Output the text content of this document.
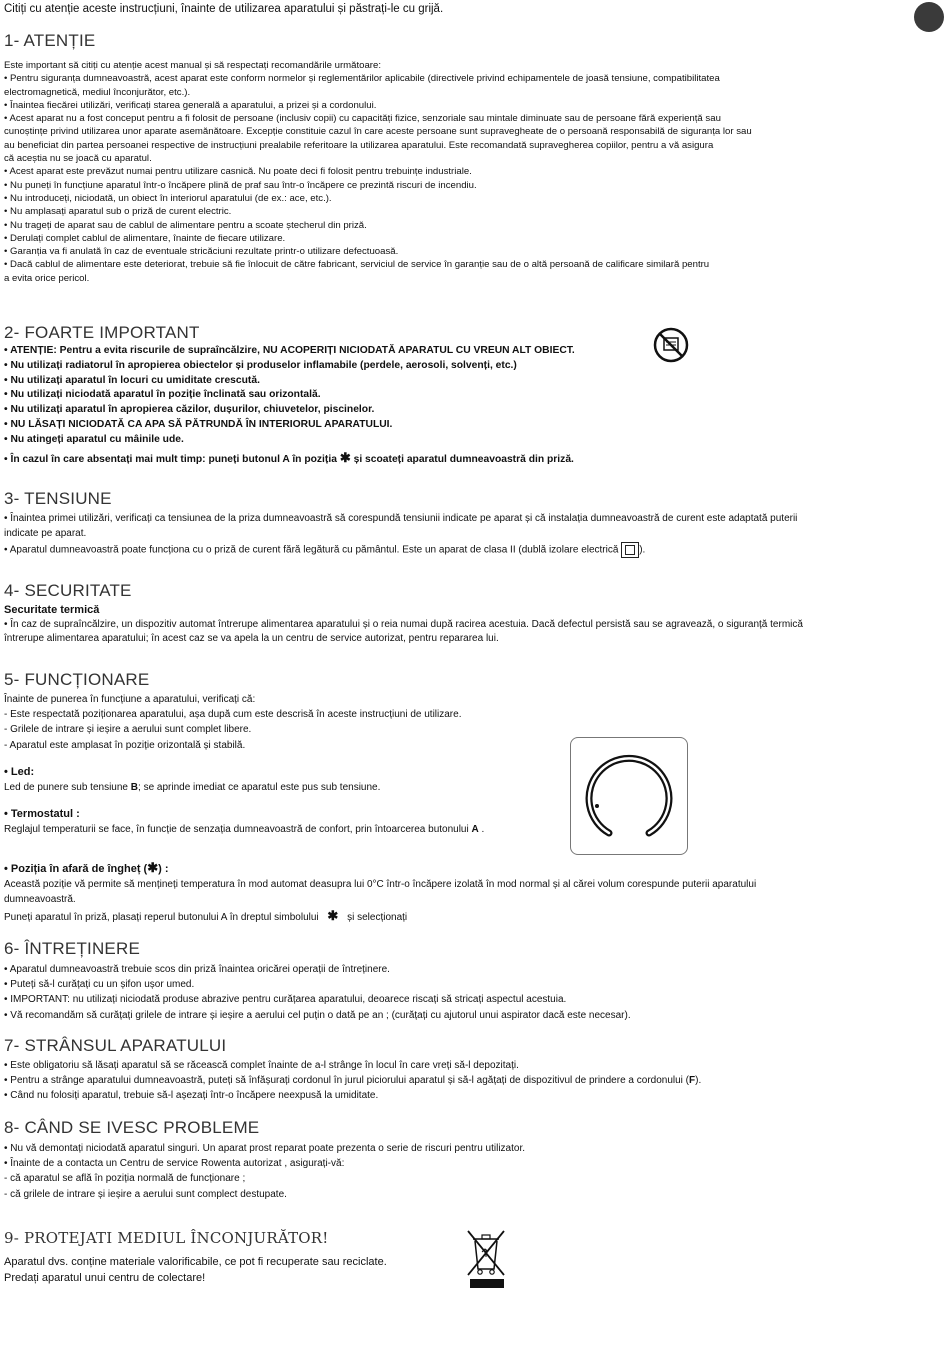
Citiți cu atenție aceste instrucțiuni, înainte de utilizarea aparatului și păstrați-le cu grijă.
1- ATENȚIE

Este important să citiți cu atenție acest manual și să respectați recomandările următoare:

• Pentru siguranța dumneavoastră, acest aparat este conform normelor și reglementărilor aplicabile (directivele privind echipamentele de joasă tensiune, compatibilitatea

electromagnetică, mediul înconjurător, etc.).

• Înaintea fiecărei utilizări, verificați starea generală a aparatului, a prizei și a cordonului.

• Acest aparat nu a fost conceput pentru a fi folosit de persoane (inclusiv copii) cu capacități fizice, senzoriale sau mintale diminuate sau de persoane fără experiență sau

cunoștințe privind utilizarea unor aparate asemănătoare. Excepție constituie cazul în care aceste persoane sunt supravegheate de o persoană responsabilă de siguranța lor sau

au beneficiat din partea persoanei respective de instrucțiuni prealabile referitoare la utilizarea aparatului. Este recomandată supravegherea copiilor, pentru a vă asigura

că aceștia nu se joacă cu aparatul.

• Acest aparat este prevăzut numai pentru utilizare casnică. Nu poate deci fi folosit pentru trebuințe industriale.

• Nu puneți în funcțiune aparatul într-o încăpere plină de praf sau într-o încăpere ce prezintă riscuri de incendiu.

• Nu introduceți, niciodată, un obiect în interiorul aparatului (de ex.: ace, etc.).

• Nu amplasați aparatul sub o priză de curent electric.

• Nu trageți de aparat sau de cablul de alimentare pentru a scoate ștecherul din priză.

• Derulați complet cablul de alimentare, înainte de fiecare utilizare.

• Garanția va fi anulată în caz de eventuale stricăciuni rezultate printr-o utilizare defectuoasă.

• Dacă cablul de alimentare este deteriorat, trebuie să fie înlocuit de către fabricant, serviciul de service în garanție sau de o altă persoană de calificare similară pentru

a evita orice pericol.

2- FOARTE IMPORTANT

• ATENȚIE: Pentru a evita riscurile de supraîncălzire, NU ACOPERIȚI NICIODATĂ APARATUL CU VREUN ALT OBIECT.

• Nu utilizați radiatorul în apropierea obiectelor și produselor inflamabile (perdele, aerosoli, solvenți, etc.)

• Nu utilizați aparatul în locuri cu umiditate crescută.

• Nu utilizați niciodată aparatul în poziție înclinată sau orizontală.

• Nu utilizați aparatul în apropierea căzilor, dușurilor, chiuvetelor, piscinelor.

• NU LĂSAȚI NICIODATĂ CA APA SĂ PĂTRUNDĂ ÎN INTERIORUL APARATULUI.

• Nu atingeți aparatul cu mâinile ude.

• În cazul în care absentați mai mult timp: puneți butonul A în poziția ✱ și scoateți aparatul dumneavoastră din priză.

3- TENSIUNE

• Înaintea primei utilizări, verificați ca tensiunea de la priza dumneavoastră să corespundă tensiunii indicate pe aparat și că instalația dumneavoastră de curent este adaptată puterii

indicate pe aparat.

• Aparatul dumneavoastră poate funcționa cu o priză de curent fără legătură cu pământul. Este un aparat de clasa II (dublă izolare electrică ).

4- SECURITATE

Securitate termică

• În caz de supraîncălzire, un dispozitiv automat întrerupe alimentarea aparatului și o reia numai după racirea acestuia. Dacă defectul persistă sau se agravează, o siguranță termică

întrerupe alimentarea aparatului; în acest caz se va apela la un centru de service autorizat, pentru repararea lui.

5- FUNCȚIONARE

Înainte de punerea în funcțiune a aparatului, verificați că:

- Este respectată poziționarea aparatului, așa după cum este descrisă în aceste instrucțiuni de utilizare.

- Grilele de intrare și ieșire a aerului sunt complet libere.

- Aparatul este amplasat în poziție orizontală și stabilă.

• Led:

Led de punere sub tensiune B; se aprinde imediat ce aparatul este pus sub tensiune.

• Termostatul :

Reglajul temperaturii se face, în funcție de senzația dumneavoastră de confort, prin întoarcerea butonului A .

• Poziția în afară de îngheț (✱) :

Această poziție vă permite să mențineți temperatura în mod automat deasupra lui 0°C într-o încăpere izolată în mod normal și al cărei volum corespunde puterii aparatului

dumneavoastră.

Puneți aparatul în priză, plasați reperul butonului A în dreptul simbolului ✱ și selecționați

6- ÎNTREȚINERE

• Aparatul dumneavoastră trebuie scos din priză înaintea oricărei operații de întreținere.

• Puteți să-l curățați cu un șifon ușor umed.

• IMPORTANT: nu utilizați niciodată produse abrazive pentru curățarea aparatului, deoarece riscați să stricați aspectul acestuia.

• Vă recomandăm să curățați grilele de intrare și ieșire a aerului cel puțin o dată pe an ; (curățați cu ajutorul unui aspirator dacă este necesar).

7- STRÂNSUL APARATULUI

• Este obligatoriu să lăsați aparatul să se răcească complet înainte de a-l strânge în locul în care vreți să-l depozitați.

• Pentru a strânge aparatului dumneavoastră, puteți să înfășurați cordonul în jurul piciorului aparatul și să-l agățați de dispozitivul de prindere a cordonului (F).

• Când nu folosiți aparatul, trebuie să-l așezați într-o încăpere neexpusă la umiditate.

8- CÂND SE IVESC PROBLEME

• Nu vă demontați niciodată aparatul singuri. Un aparat prost reparat poate prezenta o serie de riscuri pentru utilizator.

• Înainte de a contacta un Centru de service Rowenta autorizat , asigurați-vă:

- că aparatul se află în poziția normală de funcționare ;

- că grilele de intrare și ieșire a aerului sunt complect destupate.

9- PROTEJATI MEDIUL ÎNCONJURĂTOR!

Aparatul dvs. conține materiale valorificabile, ce pot fi recuperate sau reciclate.

Predați aparatul unui centru de colectare!
